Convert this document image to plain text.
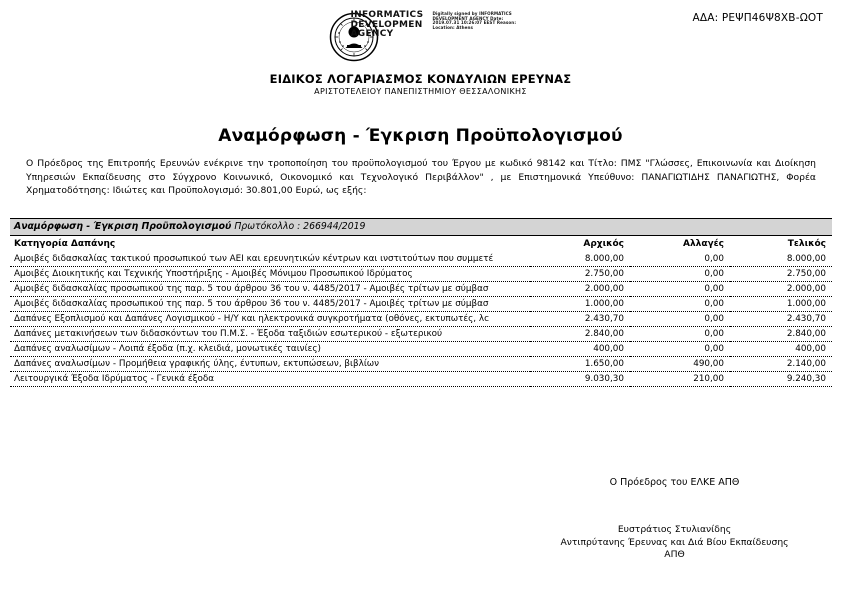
ΑΔΑ: ΡΕΨΠ46Ψ8ΧΒ-ΩΟΤ
INFORMATICS DEVELOPMEN AGENCY
Digitally signed by INFORMATICS DEVELOPMENT AGENCY Date: 2019.07.31 10:26:07 EEST Reason: Location: Athens
ΕΙΔΙΚΟΣ ΛΟΓΑΡΙΑΣΜΟΣ ΚΟΝΔΥΛΙΩΝ ΕΡΕΥΝΑΣ
ΑΡΙΣΤΟΤΕΛΕΙΟΥ ΠΑΝΕΠΙΣΤΗΜΙΟΥ ΘΕΣΣΑΛΟΝΙΚΗΣ
Αναμόρφωση - Έγκριση Προϋπολογισμού
Ο Πρόεδρος της Επιτροπής Ερευνών ενέκρινε την τροποποίηση του προϋπολογισμού του Έργου με κωδικό 98142 και Τίτλο: ΠΜΣ "Γλώσσες, Επικοινωνία και Διοίκηση Υπηρεσιών Εκπαίδευσης στο Σύγχρονο Κοινωνικό, Οικονομικό και Τεχνολογικό Περιβάλλον" , με Επιστημονικά Υπεύθυνο: ΠΑΝΑΓΙΩΤΙΔΗΣ ΠΑΝΑΓΙΩΤΗΣ, Φορέα Χρηματοδότησης: Ιδιώτες και Προϋπολογισμό: 30.801,00 Ευρώ, ως εξής:
Αναμόρφωση - Έγκριση Προϋπολογισμού Πρωτόκολλο : 266944/2019
Κατηγορία Δαπάνης	Αρχικός	Αλλαγές	Τελικός
Αμοιβές διδασκαλίας τακτικού προσωπικού των ΑΕΙ και ερευνητικών κέντρων και ινστιτούτων που συμμετέ	8.000,00	0,00	8.000,00
Αμοιβές Διοικητικής και Τεχνικής Υποστήριξης - Αμοιβές Μόνιμου Προσωπικού Ιδρύματος	2.750,00	0,00	2.750,00
Αμοιβές διδασκαλίας προσωπικού της παρ. 5 του άρθρου 36 του ν. 4485/2017 - Αμοιβές τρίτων με σύμβασ	2.000,00	0,00	2.000,00
Αμοιβές διδασκαλίας προσωπικού της παρ. 5 του άρθρου 36 του ν. 4485/2017 - Αμοιβές τρίτων με σύμβασ	1.000,00	0,00	1.000,00
Δαπάνες Εξοπλισμού και Δαπάνες Λογισμικού - Η/Υ και ηλεκτρονικά συγκροτήματα (οθόνες, εκτυπωτές, λc	2.430,70	0,00	2.430,70
Δαπάνες μετακινήσεων των διδασκόντων του Π.Μ.Σ. - Έξοδα ταξιδιών εσωτερικού - εξωτερικού	2.840,00	0,00	2.840,00
Δαπάνες αναλωσίμων - Λοιπά έξοδα (π.χ. κλειδιά, μονωτικές ταινίες)	400,00	0,00	400,00
Δαπάνες αναλωσίμων - Προμήθεια γραφικής ύλης, έντυπων, εκτυπώσεων, βιβλίων	1.650,00	490,00	2.140,00
Λειτουργικά Έξοδα Ιδρύματος - Γενικά έξοδα	9.030,30	210,00	9.240,30
Ο Πρόεδρος του ΕΛΚΕ ΑΠΘ
Ευστράτιος Στυλιανίδης
Αντιπρύτανης Έρευνας και Διά Βίου Εκπαίδευσης
ΑΠΘ
